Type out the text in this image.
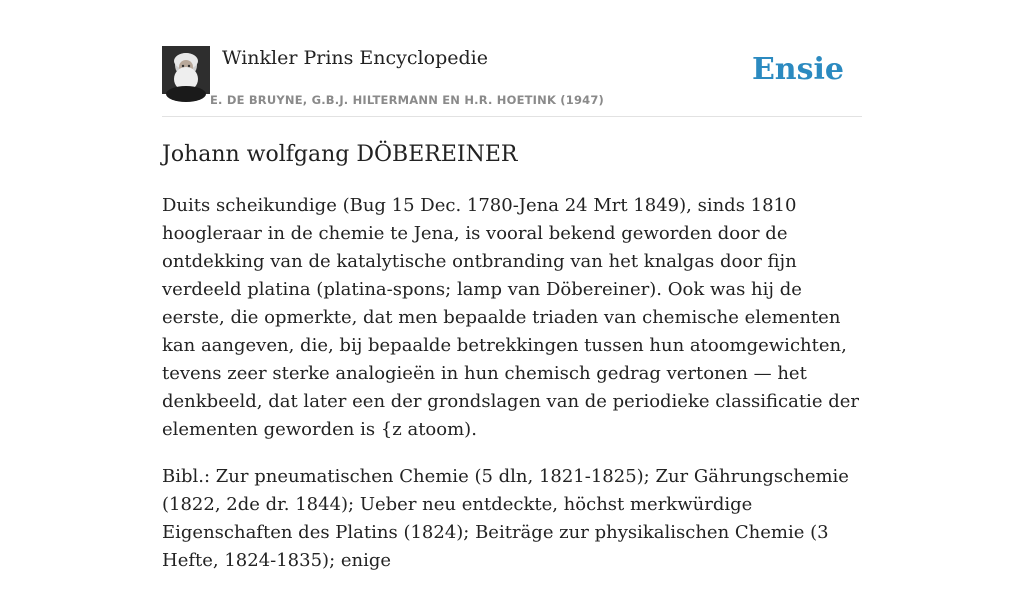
Winkler Prins Encyclopedie
E. DE BRUYNE, G.B.J. HILTERMANN EN H.R. HOETINK (1947)
Ensie
Johann wolfgang DÖBEREINER

Duits scheikundige (Bug 15 Dec. 1780-Jena 24 Mrt 1849), sinds 1810 hoogleraar in de chemie te Jena, is vooral bekend geworden door de ontdekking van de katalytische ontbranding van het knalgas door fijn verdeeld platina (platina-spons; lamp van Döbereiner). Ook was hij de eerste, die opmerkte, dat men bepaalde triaden van chemische elementen kan aangeven, die, bij bepaalde betrekkingen tussen hun atoomgewichten, tevens zeer sterke analogieën in hun chemisch gedrag vertonen — het denkbeeld, dat later een der grondslagen van de periodieke classificatie der elementen geworden is {z atoom).

Bibl.: Zur pneumatischen Chemie (5 dln, 1821-1825); Zur Gährungschemie (1822, 2de dr. 1844); Ueber neu entdeckte, höchst merkwürdige Eigenschaften des Platins (1824); Beiträge zur physikalischen Chemie (3 Hefte, 1824-1835); enige
